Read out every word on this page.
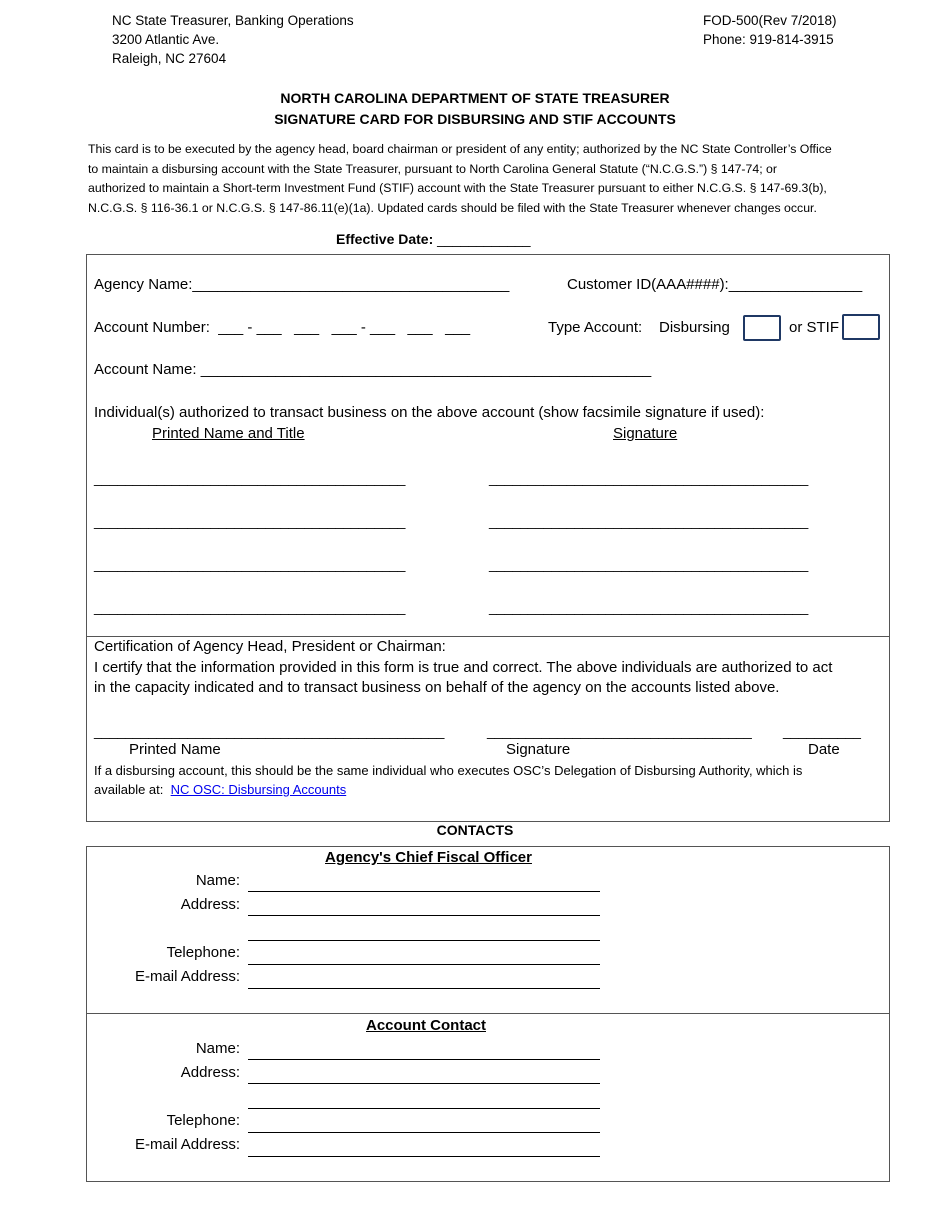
NC State Treasurer, Banking Operations
3200 Atlantic Ave.
Raleigh, NC 27604
FOD-500(Rev 7/2018)
Phone: 919-814-3915
NORTH CAROLINA DEPARTMENT OF STATE TREASURER
SIGNATURE CARD FOR DISBURSING AND STIF ACCOUNTS
This card is to be executed by the agency head, board chairman or president of any entity; authorized by the NC State Controller’s Office
to maintain a disbursing account with the State Treasurer, pursuant to North Carolina General Statute (“N.C.G.S.”) § 147-74; or
authorized to maintain a Short-term Investment Fund (STIF) account with the State Treasurer pursuant to either N.C.G.S. § 147-69.3(b),
N.C.G.S. § 116-36.1 or N.C.G.S. § 147-86.11(e)(1a). Updated cards should be filed with the State Treasurer whenever changes occur.
Effective Date: ____________
Agency Name:______________________________________	Customer ID(AAA####):________________
Account Number: ___ - ___   ___   ___ - ___   ___   ___	Type Account: Disbursing	or STIF
Account Name: ______________________________________________________
Individual(s) authorized to transact business on the above account (show facsimile signature if used):
Printed Name and Title	Signature
________________________________________	_________________________________________
________________________________________	_________________________________________
________________________________________	_________________________________________
________________________________________	_________________________________________
Certification of Agency Head, President or Chairman:
I certify that the information provided in this form is true and correct. The above individuals are authorized to act
in the capacity indicated and to transact business on behalf of the agency on the accounts listed above.
_____________________________________________	__________________________________ __________
Printed Name	Signature	Date
If a disbursing account, this should be the same individual who executes OSC’s Delegation of Disbursing Authority, which is
available at: NC OSC: Disbursing Accounts
CONTACTS
Agency's Chief Fiscal Officer
Name:
Address:
Telephone:
E-mail Address:
Account Contact
Name:
Address:
Telephone:
E-mail Address:
